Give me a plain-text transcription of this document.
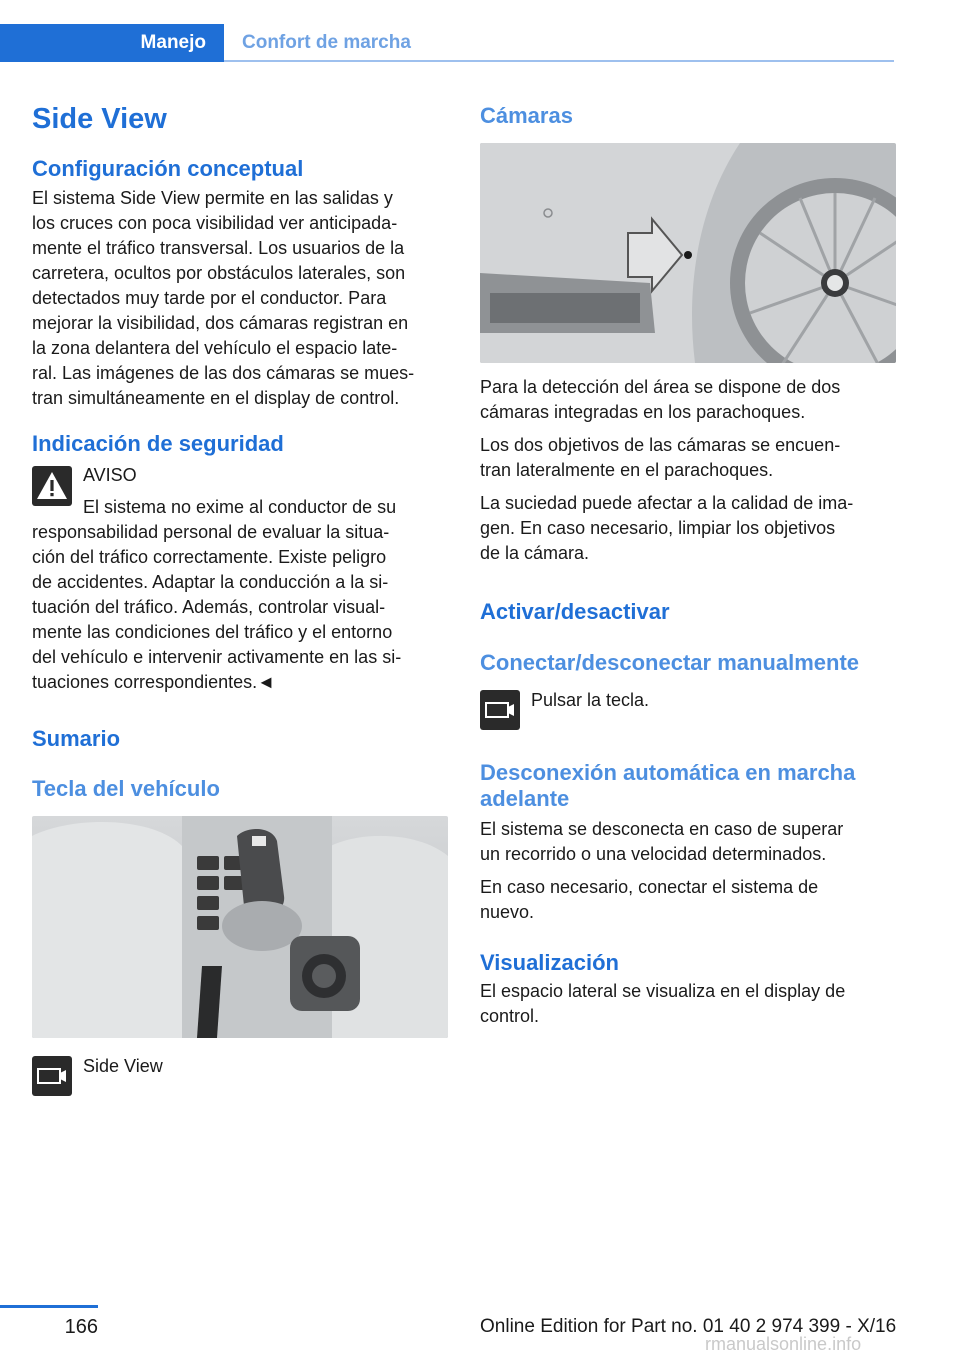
Manejo Confort de marcha
Side View
Configuración conceptual
El sistema Side View permite en las salidas y
los cruces con poca visibilidad ver anticipada‐
mente el tráfico transversal. Los usuarios de la
carretera, ocultos por obstáculos laterales, son
detectados muy tarde por el conductor. Para
mejorar la visibilidad, dos cámaras registran en
la zona delantera del vehículo el espacio late‐
ral. Las imágenes de las dos cámaras se mues‐
tran simultáneamente en el display de control.
Indicación de seguridad
AVISO
El sistema no exime al conductor de su
responsabilidad personal de evaluar la situa‐
ción del tráfico correctamente. Existe peligro
de accidentes. Adaptar la conducción a la si‐
tuación del tráfico. Además, controlar visual‐
mente las condiciones del tráfico y el entorno
del vehículo e intervenir activamente en las si‐
tuaciones correspondientes.◄
Sumario
Tecla del vehículo
Side View
Cámaras
Para la detección del área se dispone de dos
cámaras integradas en los parachoques.
Los dos objetivos de las cámaras se encuen‐
tran lateralmente en el parachoques.
La suciedad puede afectar a la calidad de ima‐
gen. En caso necesario, limpiar los objetivos
de la cámara.
Activar/desactivar
Conectar/desconectar manualmente
Pulsar la tecla.
Desconexión automática en marcha
adelante
El sistema se desconecta en caso de superar
un recorrido o una velocidad determinados.
En caso necesario, conectar el sistema de
nuevo.
Visualización
El espacio lateral se visualiza en el display de
control.
166	Online Edition for Part no. 01 40 2 974 399 - X/16
rmanualsonline.info
